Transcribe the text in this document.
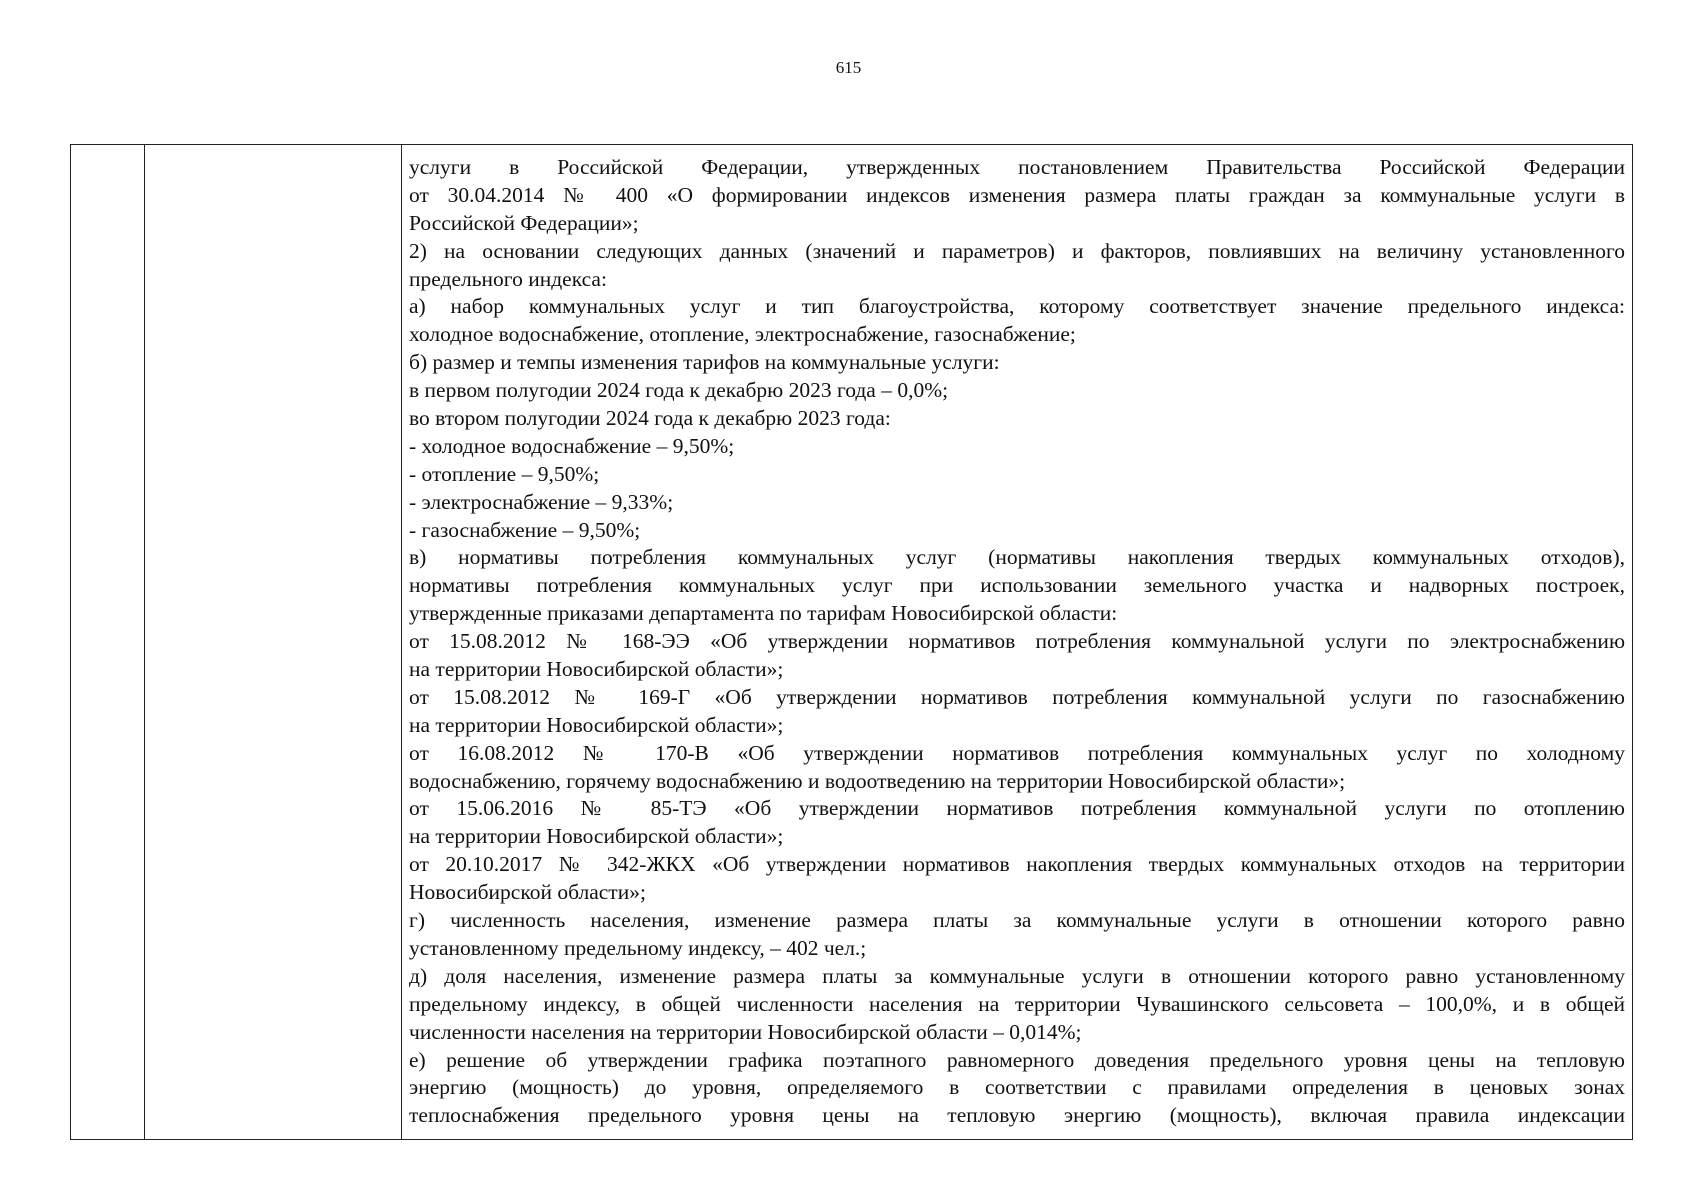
615
услуги в Российской Федерации, утвержденных постановлением Правительства Российской Федерации
от 30.04.2014 № 400 «О формировании индексов изменения размера платы граждан за коммунальные услуги в
Российской Федерации»;
2) на основании следующих данных (значений и параметров) и факторов, повлиявших на величину установленного
предельного индекса:
а) набор коммунальных услуг и тип благоустройства, которому соответствует значение предельного индекса:
холодное водоснабжение, отопление, электроснабжение, газоснабжение;
б) размер и темпы изменения тарифов на коммунальные услуги:
в первом полугодии 2024 года к декабрю 2023 года – 0,0%;
во втором полугодии 2024 года к декабрю 2023 года:
- холодное водоснабжение – 9,50%;
- отопление – 9,50%;
- электроснабжение – 9,33%;
- газоснабжение – 9,50%;
в) нормативы потребления коммунальных услуг (нормативы накопления твердых коммунальных отходов),
нормативы потребления коммунальных услуг при использовании земельного участка и надворных построек,
утвержденные приказами департамента по тарифам Новосибирской области:
от 15.08.2012 № 168-ЭЭ «Об утверждении нормативов потребления коммунальной услуги по электроснабжению
на территории Новосибирской области»;
от 15.08.2012 № 169-Г «Об утверждении нормативов потребления коммунальной услуги по газоснабжению
на территории Новосибирской области»;
от 16.08.2012 № 170-В «Об утверждении нормативов потребления коммунальных услуг по холодному
водоснабжению, горячему водоснабжению и водоотведению на территории Новосибирской области»;
от 15.06.2016 № 85-ТЭ «Об утверждении нормативов потребления коммунальной услуги по отоплению
на территории Новосибирской области»;
от 20.10.2017 № 342-ЖКХ «Об утверждении нормативов накопления твердых коммунальных отходов на территории
Новосибирской области»;
г) численность населения, изменение размера платы за коммунальные услуги в отношении которого равно
установленному предельному индексу, – 402 чел.;
д) доля населения, изменение размера платы за коммунальные услуги в отношении которого равно установленному
предельному индексу, в общей численности населения на территории Чувашинского сельсовета – 100,0%, и в общей
численности населения на территории Новосибирской области – 0,014%;
е) решение об утверждении графика поэтапного равномерного доведения предельного уровня цены на тепловую
энергию (мощность) до уровня, определяемого в соответствии с правилами определения в ценовых зонах
теплоснабжения предельного уровня цены на тепловую энергию (мощность), включая правила индексации
